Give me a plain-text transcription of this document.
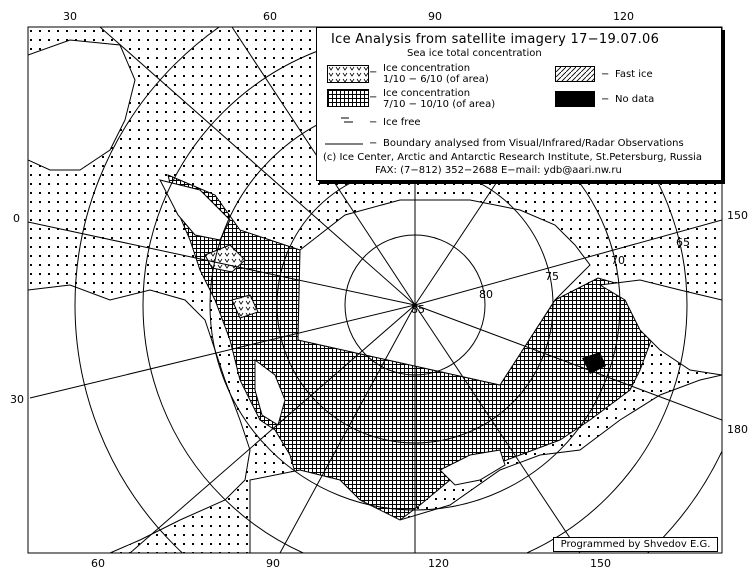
30	60	90	120
60	90	120	150
0
30
150
180
85
80
75
70
65
Ice Analysis from satellite imagery 17−19.07.06
Sea ice total concentration
− Ice concentration
1/10 − 6/10 (of area)
− Ice concentration
7/10 − 10/10 (of area)
− Fast ice
− No data
− Ice free
− Boundary analysed from Visual/Infrared/Radar Observations
(c) Ice Center, Arctic and Antarctic Research Institute, St.Petersburg, Russia
FAX: (7−812) 352−2688 E−mail: ydb@aari.nw.ru
Programmed by Shvedov E.G.
